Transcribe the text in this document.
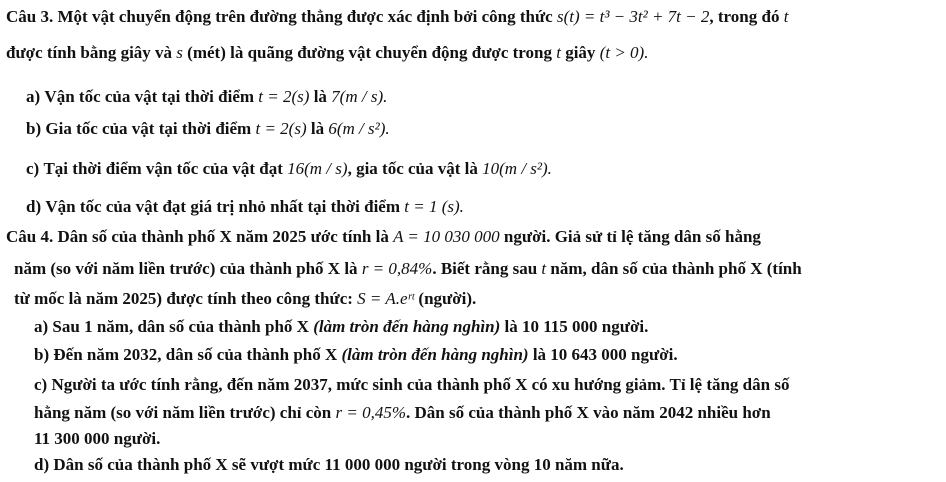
Câu 3. Một vật chuyển động trên đường thẳng được xác định bởi công thức s(t) = t³ − 3t² + 7t − 2, trong đó t
được tính bằng giây và s (mét) là quãng đường vật chuyển động được trong t giây (t > 0).
a) Vận tốc của vật tại thời điểm t = 2(s) là 7(m / s).
b) Gia tốc của vật tại thời điểm t = 2(s) là 6(m / s²).
c) Tại thời điểm vận tốc của vật đạt 16(m / s), gia tốc của vật là 10(m / s²).
d) Vận tốc của vật đạt giá trị nhỏ nhất tại thời điểm t = 1 (s).
Câu 4. Dân số của thành phố X năm 2025 ước tính là A = 10 030 000 người. Giả sử tỉ lệ tăng dân số hằng
năm (so với năm liền trước) của thành phố X là r = 0,84%. Biết rằng sau t năm, dân số của thành phố X (tính
từ mốc là năm 2025) được tính theo công thức: S = A.eʳᵗ (người).
a) Sau 1 năm, dân số của thành phố X (làm tròn đến hàng nghìn) là 10 115 000 người.
b) Đến năm 2032, dân số của thành phố X (làm tròn đến hàng nghìn) là 10 643 000 người.
c) Người ta ước tính rằng, đến năm 2037, mức sinh của thành phố X có xu hướng giảm. Tỉ lệ tăng dân số
hằng năm (so với năm liền trước) chỉ còn r = 0,45%. Dân số của thành phố X vào năm 2042 nhiều hơn
11 300 000 người.
d) Dân số của thành phố X sẽ vượt mức 11 000 000 người trong vòng 10 năm nữa.
